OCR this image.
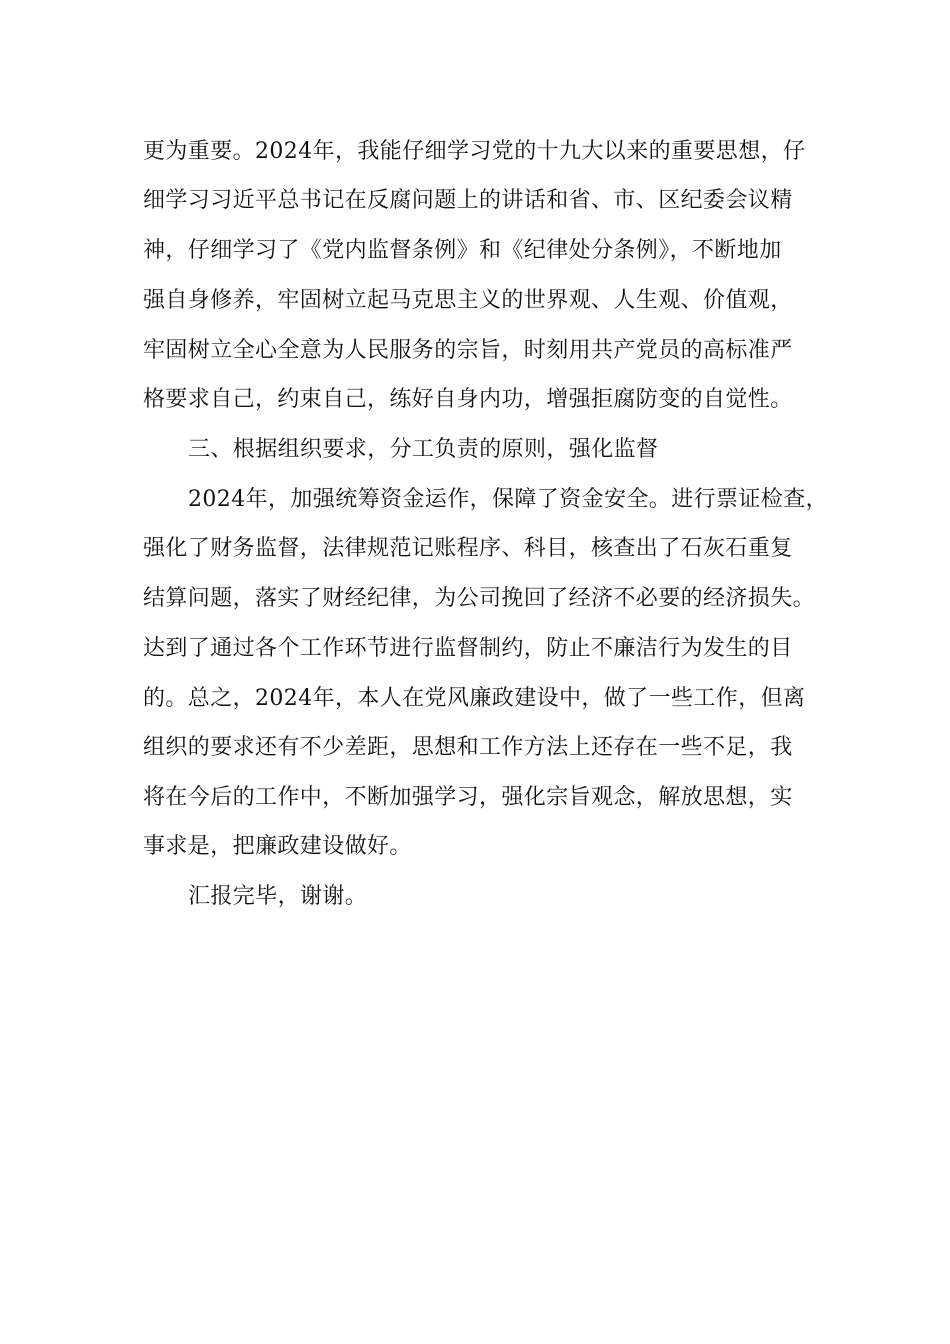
更为重要。2024年，我能仔细学习党的十九大以来的重要思想，仔
细学习习近平总书记在反腐问题上的讲话和省、市、区纪委会议精
神，仔细学习了《党内监督条例》和《纪律处分条例》，不断地加
强自身修养，牢固树立起马克思主义的世界观、人生观、价值观，
牢固树立全心全意为人民服务的宗旨，时刻用共产党员的高标准严
格要求自己，约束自己，练好自身内功，增强拒腐防变的自觉性。
三、根据组织要求，分工负责的原则，强化监督
2024年，加强统筹资金运作，保障了资金安全。进行票证检查，
强化了财务监督，法律规范记账程序、科目，核查出了石灰石重复
结算问题，落实了财经纪律，为公司挽回了经济不必要的经济损失。
达到了通过各个工作环节进行监督制约，防止不廉洁行为发生的目
的。总之，2024年，本人在党风廉政建设中，做了一些工作，但离
组织的要求还有不少差距，思想和工作方法上还存在一些不足，我
将在今后的工作中，不断加强学习，强化宗旨观念，解放思想，实
事求是，把廉政建设做好。
汇报完毕，谢谢。
